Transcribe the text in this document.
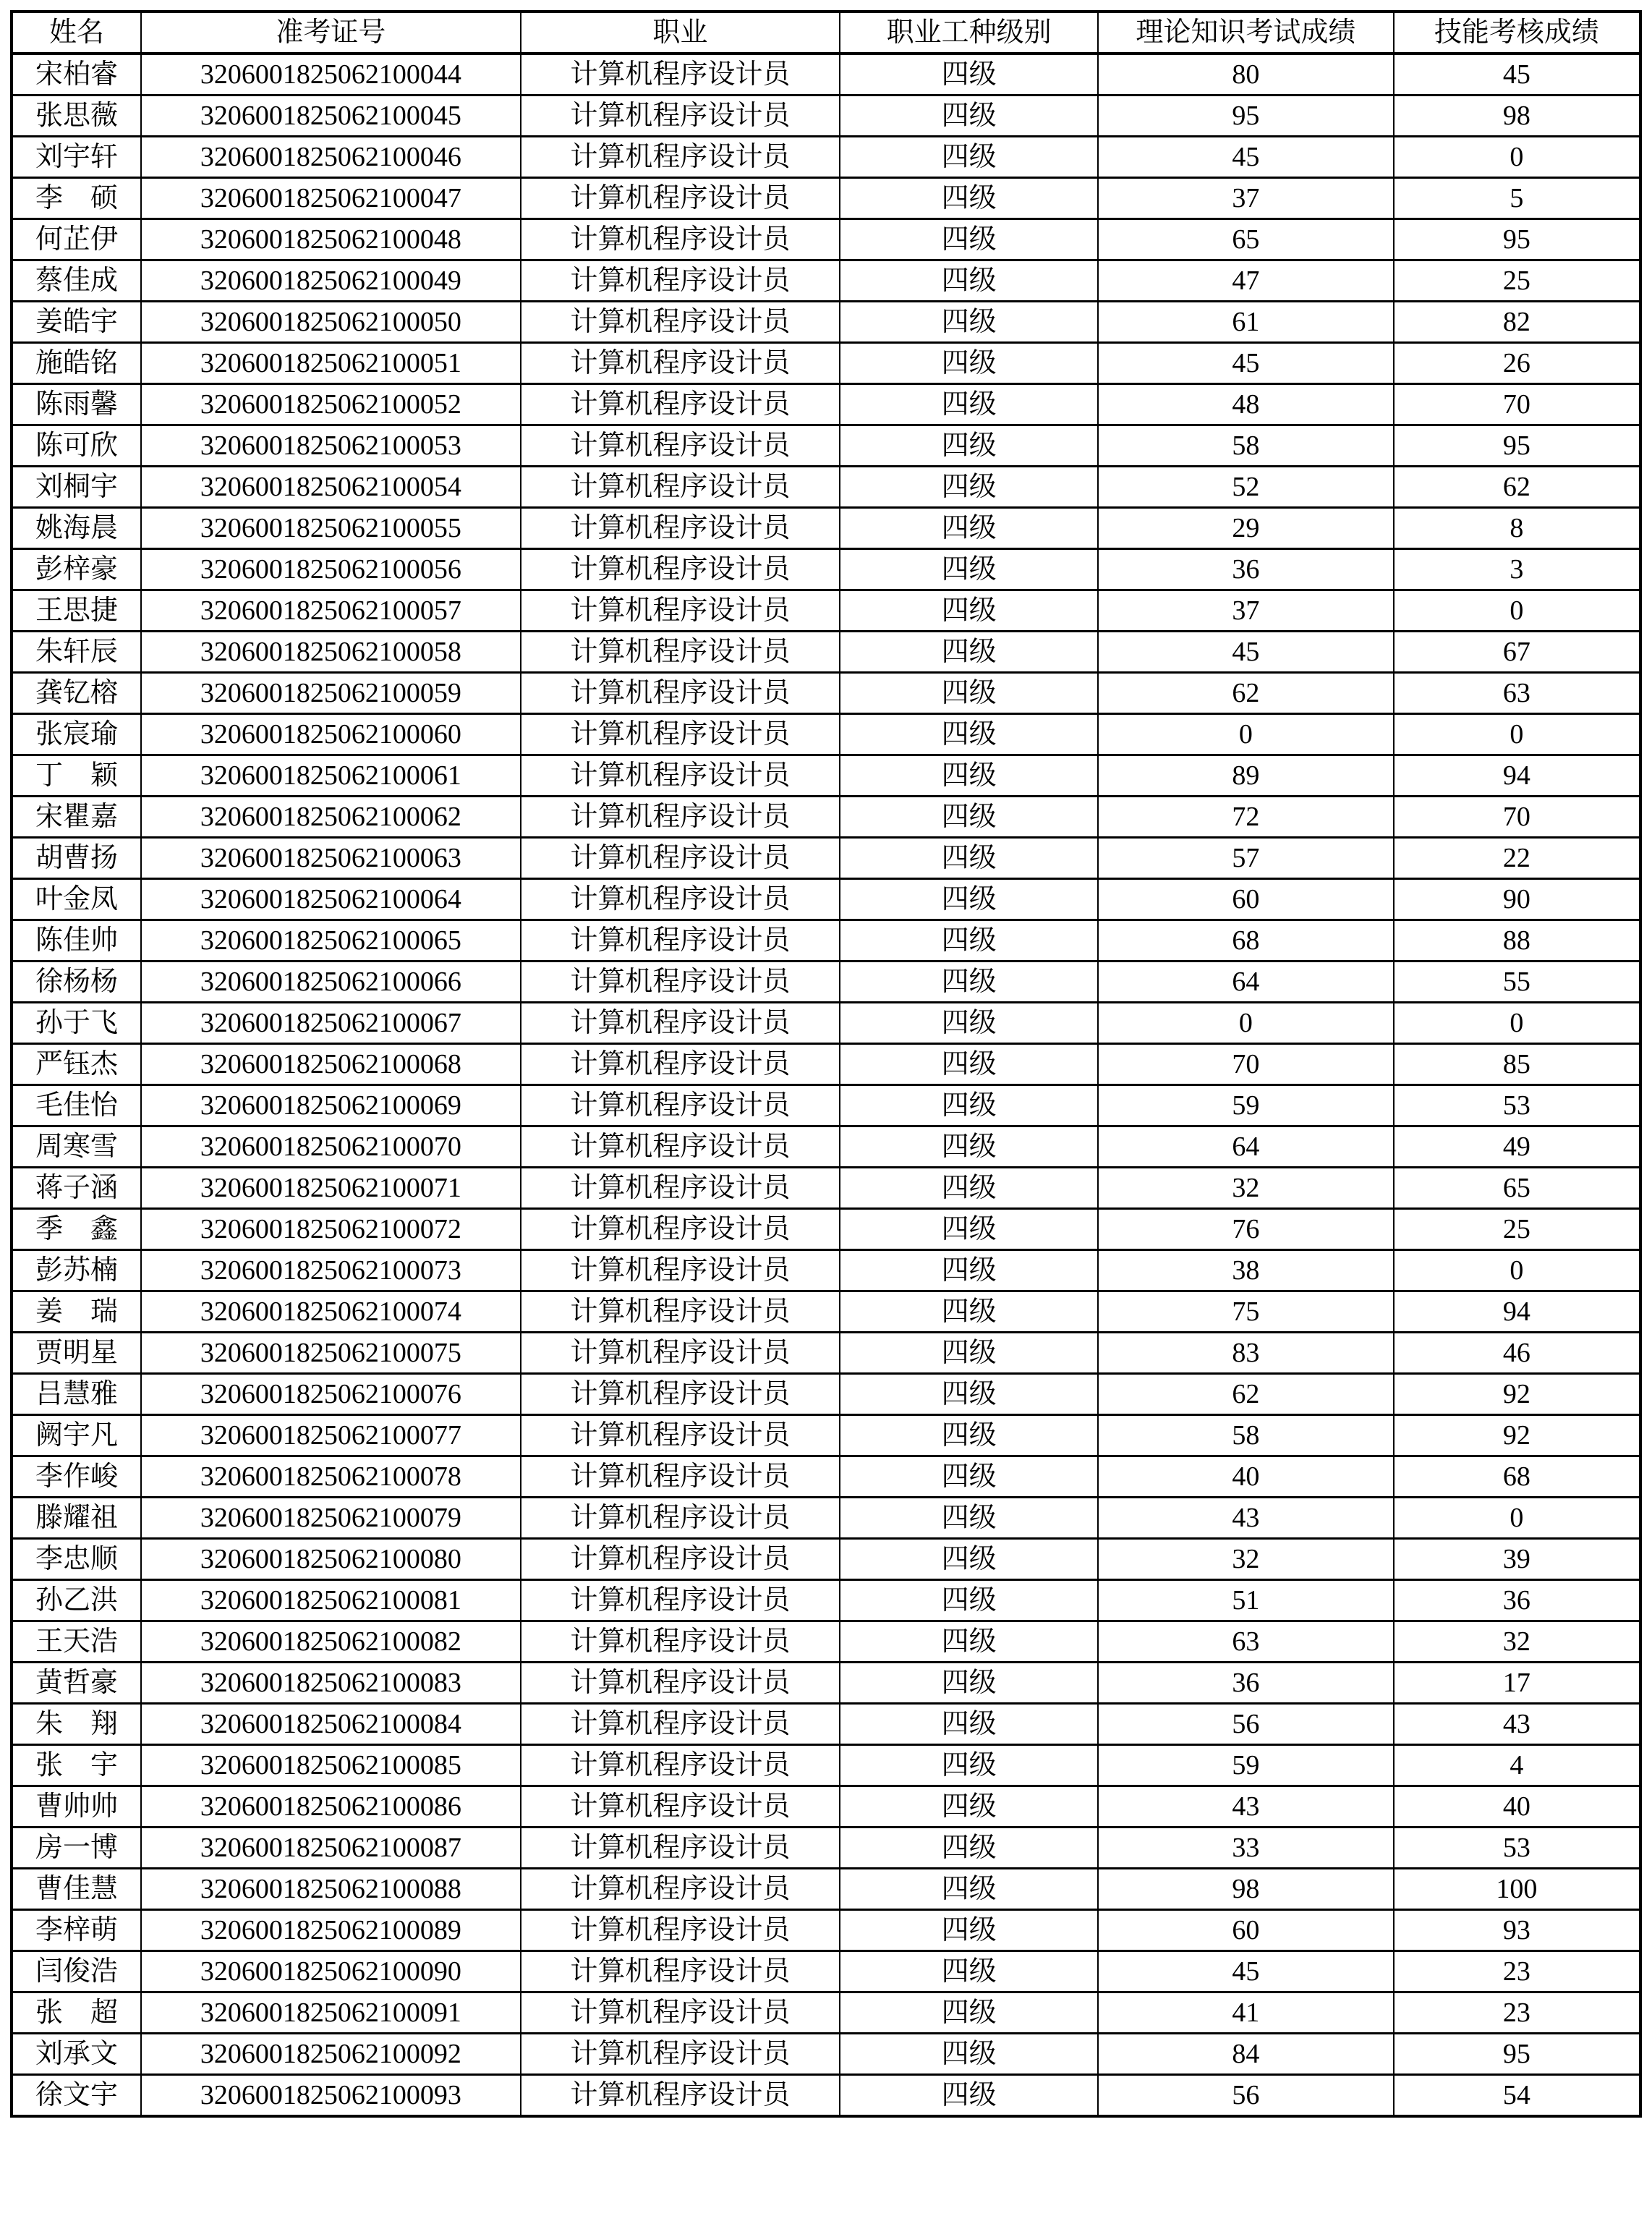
姓名	准考证号	职业	职业工种级别	理论知识考试成绩	技能考核成绩
宋柏睿	3206001825062100044	计算机程序设计员	四级	80	45
张思薇	3206001825062100045	计算机程序设计员	四级	95	98
刘宇轩	3206001825062100046	计算机程序设计员	四级	45	0
李　硕	3206001825062100047	计算机程序设计员	四级	37	5
何芷伊	3206001825062100048	计算机程序设计员	四级	65	95
蔡佳成	3206001825062100049	计算机程序设计员	四级	47	25
姜皓宇	3206001825062100050	计算机程序设计员	四级	61	82
施皓铭	3206001825062100051	计算机程序设计员	四级	45	26
陈雨馨	3206001825062100052	计算机程序设计员	四级	48	70
陈可欣	3206001825062100053	计算机程序设计员	四级	58	95
刘桐宇	3206001825062100054	计算机程序设计员	四级	52	62
姚海晨	3206001825062100055	计算机程序设计员	四级	29	8
彭梓豪	3206001825062100056	计算机程序设计员	四级	36	3
王思捷	3206001825062100057	计算机程序设计员	四级	37	0
朱轩辰	3206001825062100058	计算机程序设计员	四级	45	67
龚钇榕	3206001825062100059	计算机程序设计员	四级	62	63
张宸瑜	3206001825062100060	计算机程序设计员	四级	0	0
丁　颖	3206001825062100061	计算机程序设计员	四级	89	94
宋瞿嘉	3206001825062100062	计算机程序设计员	四级	72	70
胡曹扬	3206001825062100063	计算机程序设计员	四级	57	22
叶金凤	3206001825062100064	计算机程序设计员	四级	60	90
陈佳帅	3206001825062100065	计算机程序设计员	四级	68	88
徐杨杨	3206001825062100066	计算机程序设计员	四级	64	55
孙于飞	3206001825062100067	计算机程序设计员	四级	0	0
严钰杰	3206001825062100068	计算机程序设计员	四级	70	85
毛佳怡	3206001825062100069	计算机程序设计员	四级	59	53
周寒雪	3206001825062100070	计算机程序设计员	四级	64	49
蒋子涵	3206001825062100071	计算机程序设计员	四级	32	65
季　鑫	3206001825062100072	计算机程序设计员	四级	76	25
彭苏楠	3206001825062100073	计算机程序设计员	四级	38	0
姜　瑞	3206001825062100074	计算机程序设计员	四级	75	94
贾明星	3206001825062100075	计算机程序设计员	四级	83	46
吕慧雅	3206001825062100076	计算机程序设计员	四级	62	92
阙宇凡	3206001825062100077	计算机程序设计员	四级	58	92
李作峻	3206001825062100078	计算机程序设计员	四级	40	68
滕耀祖	3206001825062100079	计算机程序设计员	四级	43	0
李忠顺	3206001825062100080	计算机程序设计员	四级	32	39
孙乙洪	3206001825062100081	计算机程序设计员	四级	51	36
王天浩	3206001825062100082	计算机程序设计员	四级	63	32
黄哲豪	3206001825062100083	计算机程序设计员	四级	36	17
朱　翔	3206001825062100084	计算机程序设计员	四级	56	43
张　宇	3206001825062100085	计算机程序设计员	四级	59	4
曹帅帅	3206001825062100086	计算机程序设计员	四级	43	40
房一博	3206001825062100087	计算机程序设计员	四级	33	53
曹佳慧	3206001825062100088	计算机程序设计员	四级	98	100
李梓萌	3206001825062100089	计算机程序设计员	四级	60	93
闫俊浩	3206001825062100090	计算机程序设计员	四级	45	23
张　超	3206001825062100091	计算机程序设计员	四级	41	23
刘承文	3206001825062100092	计算机程序设计员	四级	84	95
徐文宇	3206001825062100093	计算机程序设计员	四级	56	54
